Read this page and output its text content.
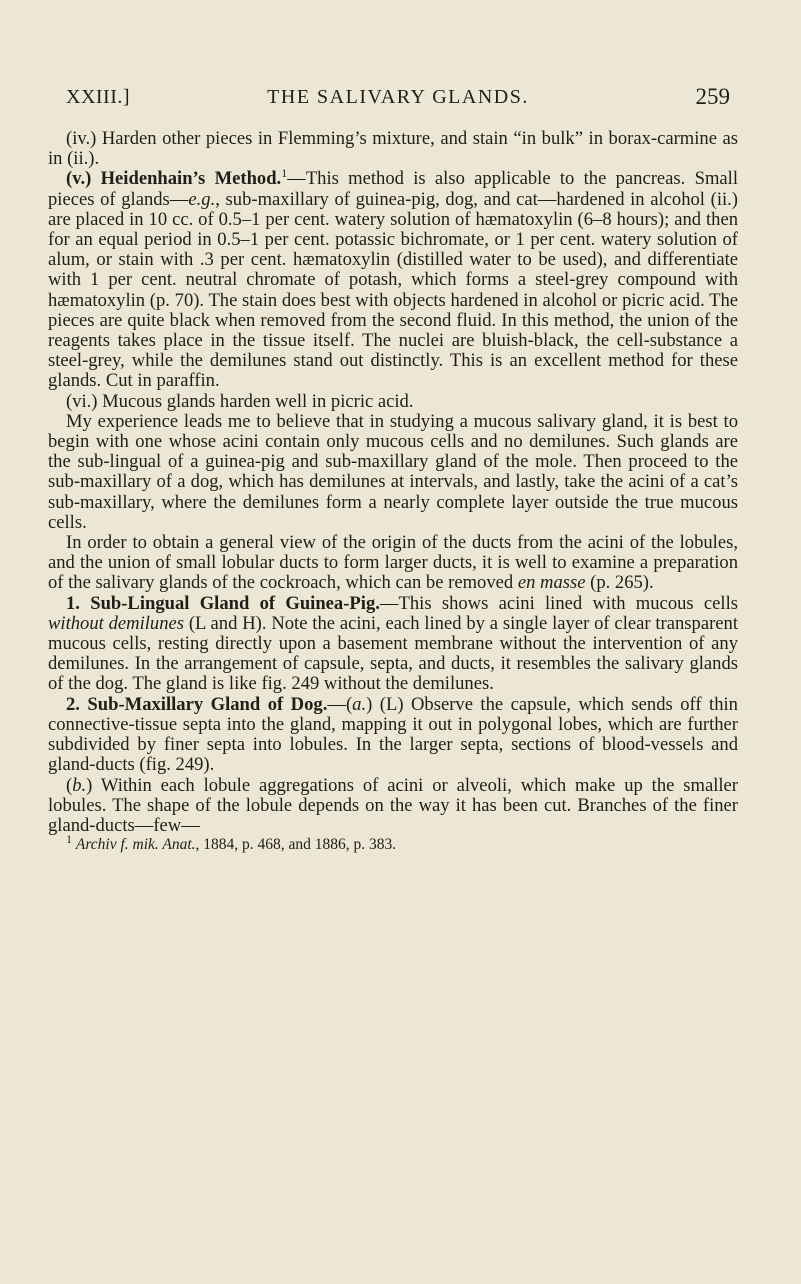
XXIII.]	THE SALIVARY GLANDS.	259

(iv.) Harden other pieces in Flemming’s mixture, and stain “in bulk” in borax-carmine as in (ii.).

(v.) Heidenhain’s Method.$^1$—This method is also applicable to the pancreas. Small pieces of glands—e.g., sub-maxillary of guinea-pig, dog, and cat—hardened in alcohol (ii.) are placed in 10 cc. of 0.5–1 per cent. watery solution of hæmatoxylin (6–8 hours); and then for an equal period in 0.5–1 per cent. potassic bichromate, or 1 per cent. watery solution of alum, or stain with .3 per cent. hæmatoxylin (distilled water to be used), and differentiate with 1 per cent. neutral chromate of potash, which forms a steel-grey compound with hæmatoxylin (p. 70). The stain does best with objects hardened in alcohol or picric acid. The pieces are quite black when removed from the second fluid. In this method, the union of the reagents takes place in the tissue itself. The nuclei are bluish-black, the cell-substance a steel-grey, while the demilunes stand out distinctly. This is an excellent method for these glands. Cut in paraffin.

(vi.) Mucous glands harden well in picric acid.

My experience leads me to believe that in studying a mucous salivary gland, it is best to begin with one whose acini contain only mucous cells and no demilunes. Such glands are the sub-lingual of a guinea-pig and sub-maxillary gland of the mole. Then proceed to the sub-maxillary of a dog, which has demilunes at intervals, and lastly, take the acini of a cat’s sub-maxillary, where the demilunes form a nearly complete layer outside the true mucous cells.

In order to obtain a general view of the origin of the ducts from the acini of the lobules, and the union of small lobular ducts to form larger ducts, it is well to examine a preparation of the salivary glands of the cockroach, which can be removed en masse (p. 265).

1. Sub-Lingual Gland of Guinea-Pig.—This shows acini lined with mucous cells without demilunes (L and H). Note the acini, each lined by a single layer of clear transparent mucous cells, resting directly upon a basement membrane without the intervention of any demilunes. In the arrangement of capsule, septa, and ducts, it resembles the salivary glands of the dog. The gland is like fig. 249 without the demilunes.

2. Sub-Maxillary Gland of Dog.—(a.) (L) Observe the capsule, which sends off thin connective-tissue septa into the gland, mapping it out in polygonal lobes, which are further subdivided by finer septa into lobules. In the larger septa, sections of blood-vessels and gland-ducts (fig. 249).

(b.) Within each lobule aggregations of acini or alveoli, which make up the smaller lobules. The shape of the lobule depends on the way it has been cut. Branches of the finer gland-ducts—few—

$^1$ Archiv f. mik. Anat., 1884, p. 468, and 1886, p. 383.
